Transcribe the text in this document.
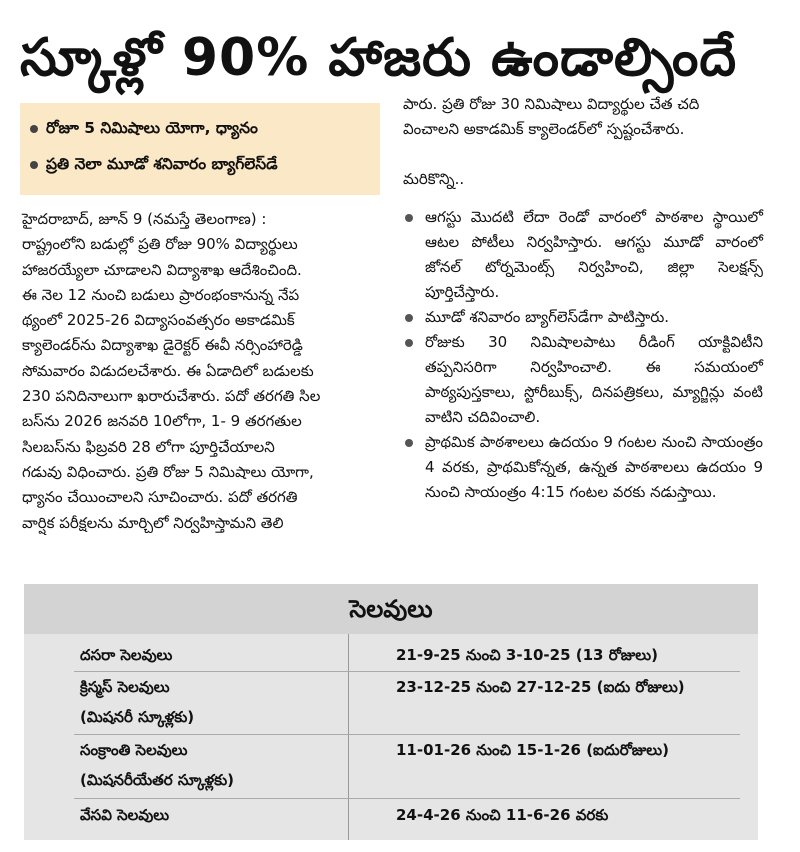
స్కూళ్లో 90% హాజరు ఉండాల్సిందే
రోజూ 5 నిమిషాలు యోగా, ధ్యానం
ప్రతి నెలా మూడో శనివారం బ్యాగ్‌లెస్‌డే

హైదరాబాద్, జూన్ 9 (నమస్తే తెలంగాణ) :

రాష్ట్రంలోని బడుల్లో ప్రతి రోజు 90% విద్యార్థులు

హాజరయ్యేలా చూడాలని విద్యాశాఖ ఆదేశించింది.

ఈ నెల 12 నుంచి బడులు ప్రారంభంకానున్న నేప

థ్యంలో 2025-26 విద్యాసంవత్సరం అకాడమిక్

క్యాలెండర్‌ను విద్యాశాఖ డైరెక్టర్ ఈవీ నర్సింహారెడ్డి

సోమవారం విడుదలచేశారు. ఈ ఏడాదిలో బడులకు

230 పనిదినాలుగా ఖరారుచేశారు. పదో తరగతి సిల

బస్‌ను 2026 జనవరి 10లోగా, 1- 9 తరగతుల

సిలబస్‌ను ఫిబ్రవరి 28 లోగా పూర్తిచేయాలని

గడువు విధించారు. ప్రతి రోజు 5 నిమిషాలు యోగా,

ధ్యానం చేయించాలని సూచించారు. పదో తరగతి

వార్షిక పరీక్షలను మార్చిలో నిర్వహిస్తామని తెలి

పారు. ప్రతి రోజు 30 నిమిషాలు విద్యార్థుల చేత చది

వించాలని అకాడమిక్ క్యాలెండర్‌లో స్పష్టంచేశారు.

మరికొన్ని..
ఆగస్టు మొదటి లేదా రెండో వారంలో పాఠశాల స్థాయిలో ఆటల పోటీలు నిర్వహిస్తారు. ఆగస్టు మూడో వారంలో జోనల్ టోర్నమెంట్స్ నిర్వహించి, జిల్లా సెలక్షన్స్ పూర్తిచేస్తారు.
మూడో శనివారం బ్యాగ్‌లెస్‌డేగా పాటిస్తారు.
రోజుకు 30 నిమిషాలపాటు రీడింగ్ యాక్టివిటీని తప్పనిసరిగా నిర్వహించాలి. ఈ సమయంలో పాఠ్యపుస్తకాలు, స్టోరీబుక్స్, దినపత్రికలు, మ్యాగ్జిన్లు వంటి వాటిని చదివించాలి.
ప్రాథమిక పాఠశాలలు ఉదయం 9 గంటల నుంచి సాయంత్రం 4 వరకు, ప్రాథమికోన్నత, ఉన్నత పాఠశాలలు ఉదయం 9 నుంచి సాయంత్రం 4:15 గంటల వరకు నడుస్తాయి.
సెలవులు
దసరా సెలవులు	21-9-25 నుంచి 3-10-25 (13 రోజులు)
క్రిస్మస్ సెలవులు	23-12-25 నుంచి 27-12-25 (ఐదు రోజులు)
(మిషనరీ స్కూళ్లకు)
సంక్రాంతి సెలవులు	11-01-26 నుంచి 15-1-26 (ఐదురోజులు)
(మిషనరీయేతర స్కూళ్లకు)
వేసవి సెలవులు	24-4-26 నుంచి 11-6-26 వరకు
